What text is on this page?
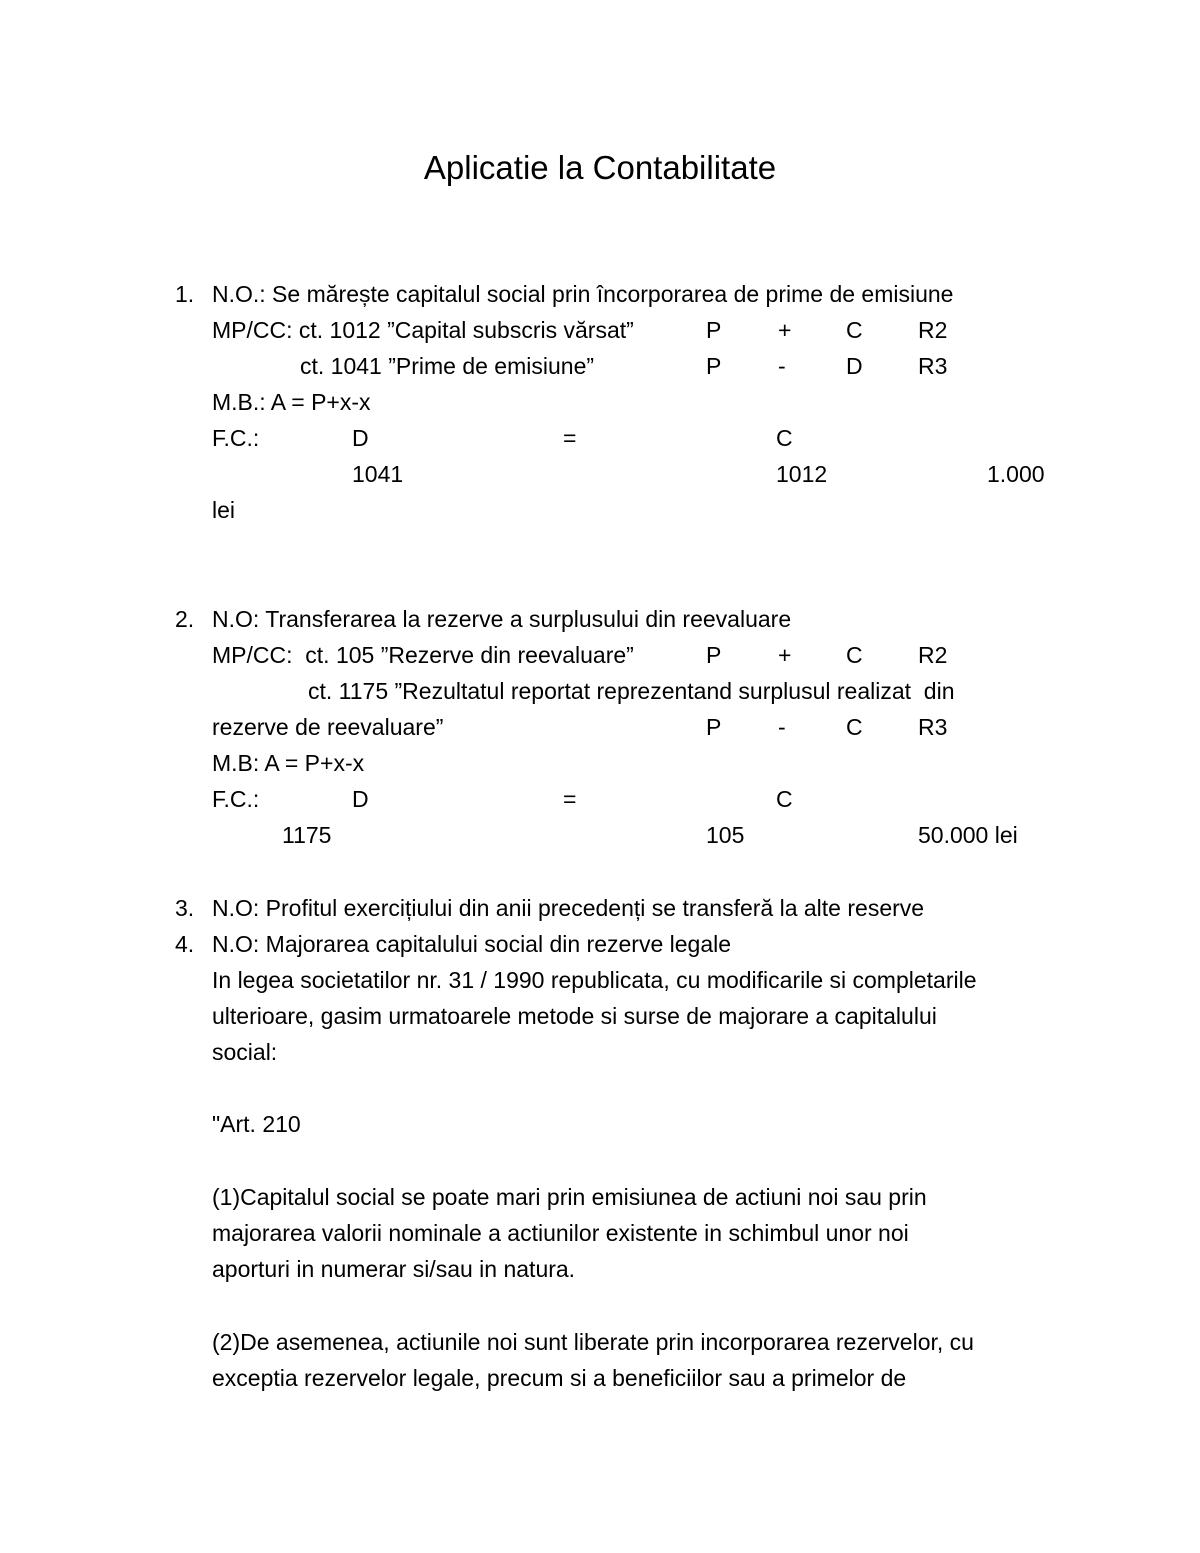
Aplicatie la Contabilitate
1. N.O.: Se mărește capitalul social prin încorporarea de prime de emisiune
MP/CC: ct. 1012 ”Capital subscris vărsat”	P + C R2
ct. 1041 ”Prime de emisiune”	P -	D R3
M.B.: A = P+x-x
F.C.:	D	=	C
1041	1012	1.000
lei
2. N.O: Transferarea la rezerve a surplusului din reevaluare
MP/CC:  ct. 105 ”Rezerve din reevaluare”	P + C R2
ct. 1175 ”Rezultatul reportat reprezentand surplusul realizat  din
rezerve de reevaluare”	P -	C R3
M.B: A = P+x-x
F.C.:	D	=	C
1175	105	50.000 lei
3. N.O: Profitul exercițiului din anii precedenți se transferă la alte reserve
4. N.O: Majorarea capitalului social din rezerve legale
In legea societatilor nr. 31 / 1990 republicata, cu modificarile si completarile
ulterioare, gasim urmatoarele metode si surse de majorare a capitalului
social:
"Art. 210
(1)Capitalul social se poate mari prin emisiunea de actiuni noi sau prin
majorarea valorii nominale a actiunilor existente in schimbul unor noi
aporturi in numerar si/sau in natura.
(2)De asemenea, actiunile noi sunt liberate prin incorporarea rezervelor, cu
exceptia rezervelor legale, precum si a beneficiilor sau a primelor de
